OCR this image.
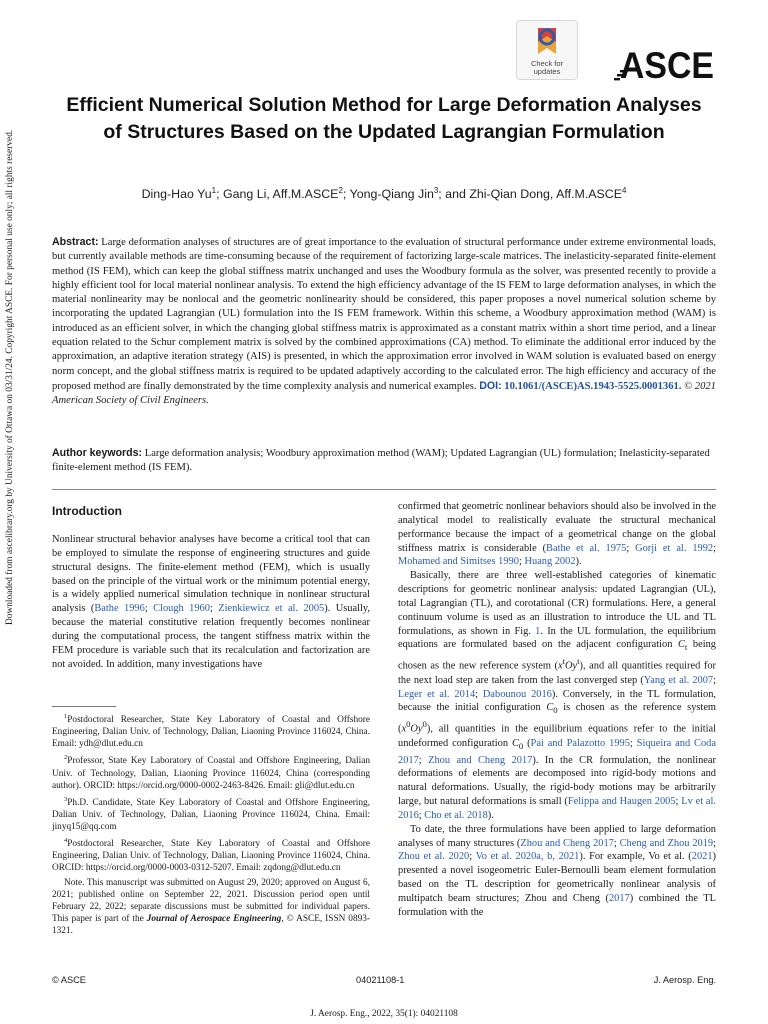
Downloaded from ascelibrary.org by University of Ottawa on 03/31/24. Copyright ASCE. For personal use only; all rights reserved.
Check for
updates	ASCE
Efficient Numerical Solution Method for Large Deformation Analyses of Structures Based on the Updated Lagrangian Formulation
Ding-Hao Yu$^1$; Gang Li, Aff.M.ASCE$^2$; Yong-Qiang Jin$^3$; and Zhi-Qian Dong, Aff.M.ASCE$^4$

Abstract: Large deformation analyses of structures are of great importance to the evaluation of structural performance under extreme environmental loads, but currently available methods are time-consuming because of the requirement of factorizing large-scale matrices. The inelasticity-separated finite-element method (IS FEM), which can keep the global stiffness matrix unchanged and uses the Woodbury formula as the solver, was presented recently to provide a highly efficient tool for local material nonlinear analysis. To extend the high efficiency advantage of the IS FEM to large deformation analyses, in which the material nonlinearity may be nonlocal and the geometric nonlinearity should be considered, this paper proposes a novel numerical solution scheme by incorporating the updated Lagrangian (UL) formulation into the IS FEM framework. Within this scheme, a Woodbury approximation method (WAM) is introduced as an efficient solver, in which the changing global stiffness matrix is approximated as a constant matrix within a short time period, and a linear equation related to the Schur complement matrix is solved by the combined approximations (CA) method. To eliminate the additional error induced by the approximation, an adaptive iteration strategy (AIS) is presented, in which the approximation error involved in WAM solution is evaluated based on energy norm concept, and the global stiffness matrix is required to be updated adaptively according to the calculated error. The high efficiency and accuracy of the proposed method are finally demonstrated by the time complexity analysis and numerical examples. DOI: 10.1061/(ASCE)AS.1943-5525.0001361. © 2021 American Society of Civil Engineers.

Author keywords: Large deformation analysis; Woodbury approximation method (WAM); Updated Lagrangian (UL) formulation; Inelasticity-separated finite-element method (IS FEM).

Introduction

Nonlinear structural behavior analyses have become a critical tool that can be employed to simulate the response of engineering structures and guide structural designs. The finite-element method (FEM), which is usually based on the principle of the virtual work or the minimum potential energy, is a widely applied numerical simulation technique in nonlinear structural analysis (Bathe 1996; Clough 1960; Zienkiewicz et al. 2005). Usually, because the material constitutive relation frequently becomes nonlinear during the computational process, the tangent stiffness matrix within the FEM procedure is variable such that its recalculation and factorization are not avoided. In addition, many investigations have

$^1$Postdoctoral Researcher, State Key Laboratory of Coastal and Offshore Engineering, Dalian Univ. of Technology, Dalian, Liaoning Province 116024, China. Email: ydh@dlut.edu.cn

$^2$Professor, State Key Laboratory of Coastal and Offshore Engineering, Dalian Univ. of Technology, Dalian, Liaoning Province 116024, China (corresponding author). ORCID: https://orcid.org/0000-0002-2463-8426. Email: gli@dlut.edu.cn

$^3$Ph.D. Candidate, State Key Laboratory of Coastal and Offshore Engineering, Dalian Univ. of Technology, Dalian, Liaoning Province 116024, China. Email: jinyq15@qq.com

$^4$Postdoctoral Researcher, State Key Laboratory of Coastal and Offshore Engineering, Dalian Univ. of Technology, Dalian, Liaoning Province 116024, China. ORCID: https://orcid.org/0000-0003-0312-5207. Email: zqdong@dlut.edu.cn

Note. This manuscript was submitted on August 29, 2020; approved on August 6, 2021; published online on September 22, 2021. Discussion period open until February 22, 2022; separate discussions must be submitted for individual papers. This paper is part of the Journal of Aerospace Engineering, © ASCE, ISSN 0893-1321.

confirmed that geometric nonlinear behaviors should also be involved in the analytical model to realistically evaluate the structural mechanical performance because the impact of a geometrical change on the global stiffness matrix is considerable (Bathe et al. 1975; Gorji et al. 1992; Mohamed and Simitses 1990; Huang 2002).

Basically, there are three well-established categories of kinematic descriptions for geometric nonlinear analysis: updated Lagrangian (UL), total Lagrangian (TL), and corotational (CR) formulations. Here, a general continuum volume is used as an illustration to introduce the UL and TL formulations, as shown in Fig. 1. In the UL formulation, the equilibrium equations are formulated based on the adjacent configuration $C_t$ being chosen as the new reference system $(x^tOy^t)$, and all quantities required for the next load step are taken from the last converged step (Yang et al. 2007; Leger et al. 2014; Dabounou 2016). Conversely, in the TL formulation, because the initial configuration $C_0$ is chosen as the reference system $(x^0Oy^0)$, all quantities in the equilibrium equations refer to the initial undeformed configuration $C_0$ (Pai and Palazotto 1995; Siqueira and Coda 2017; Zhou and Cheng 2017). In the CR formulation, the nonlinear deformations of elements are decomposed into rigid-body motions and natural deformations. Usually, the rigid-body motions may be arbitrarily large, but natural deformations is small (Felippa and Haugen 2005; Lv et al. 2016; Cho et al. 2018).

To date, the three formulations have been applied to large deformation analyses of many structures (Zhou and Cheng 2017; Cheng and Zhou 2019; Zhou et al. 2020; Vo et al. 2020a, b, 2021). For example, Vo et al. (2021) presented a novel isogeometric Euler-Bernoulli beam element formulation based on the TL description for geometrically nonlinear analysis of multipatch beam structures; Zhou and Cheng (2017) combined the TL formulation with the

© ASCE	04021108-1	J. Aerosp. Eng.
J. Aerosp. Eng., 2022, 35(1): 04021108
